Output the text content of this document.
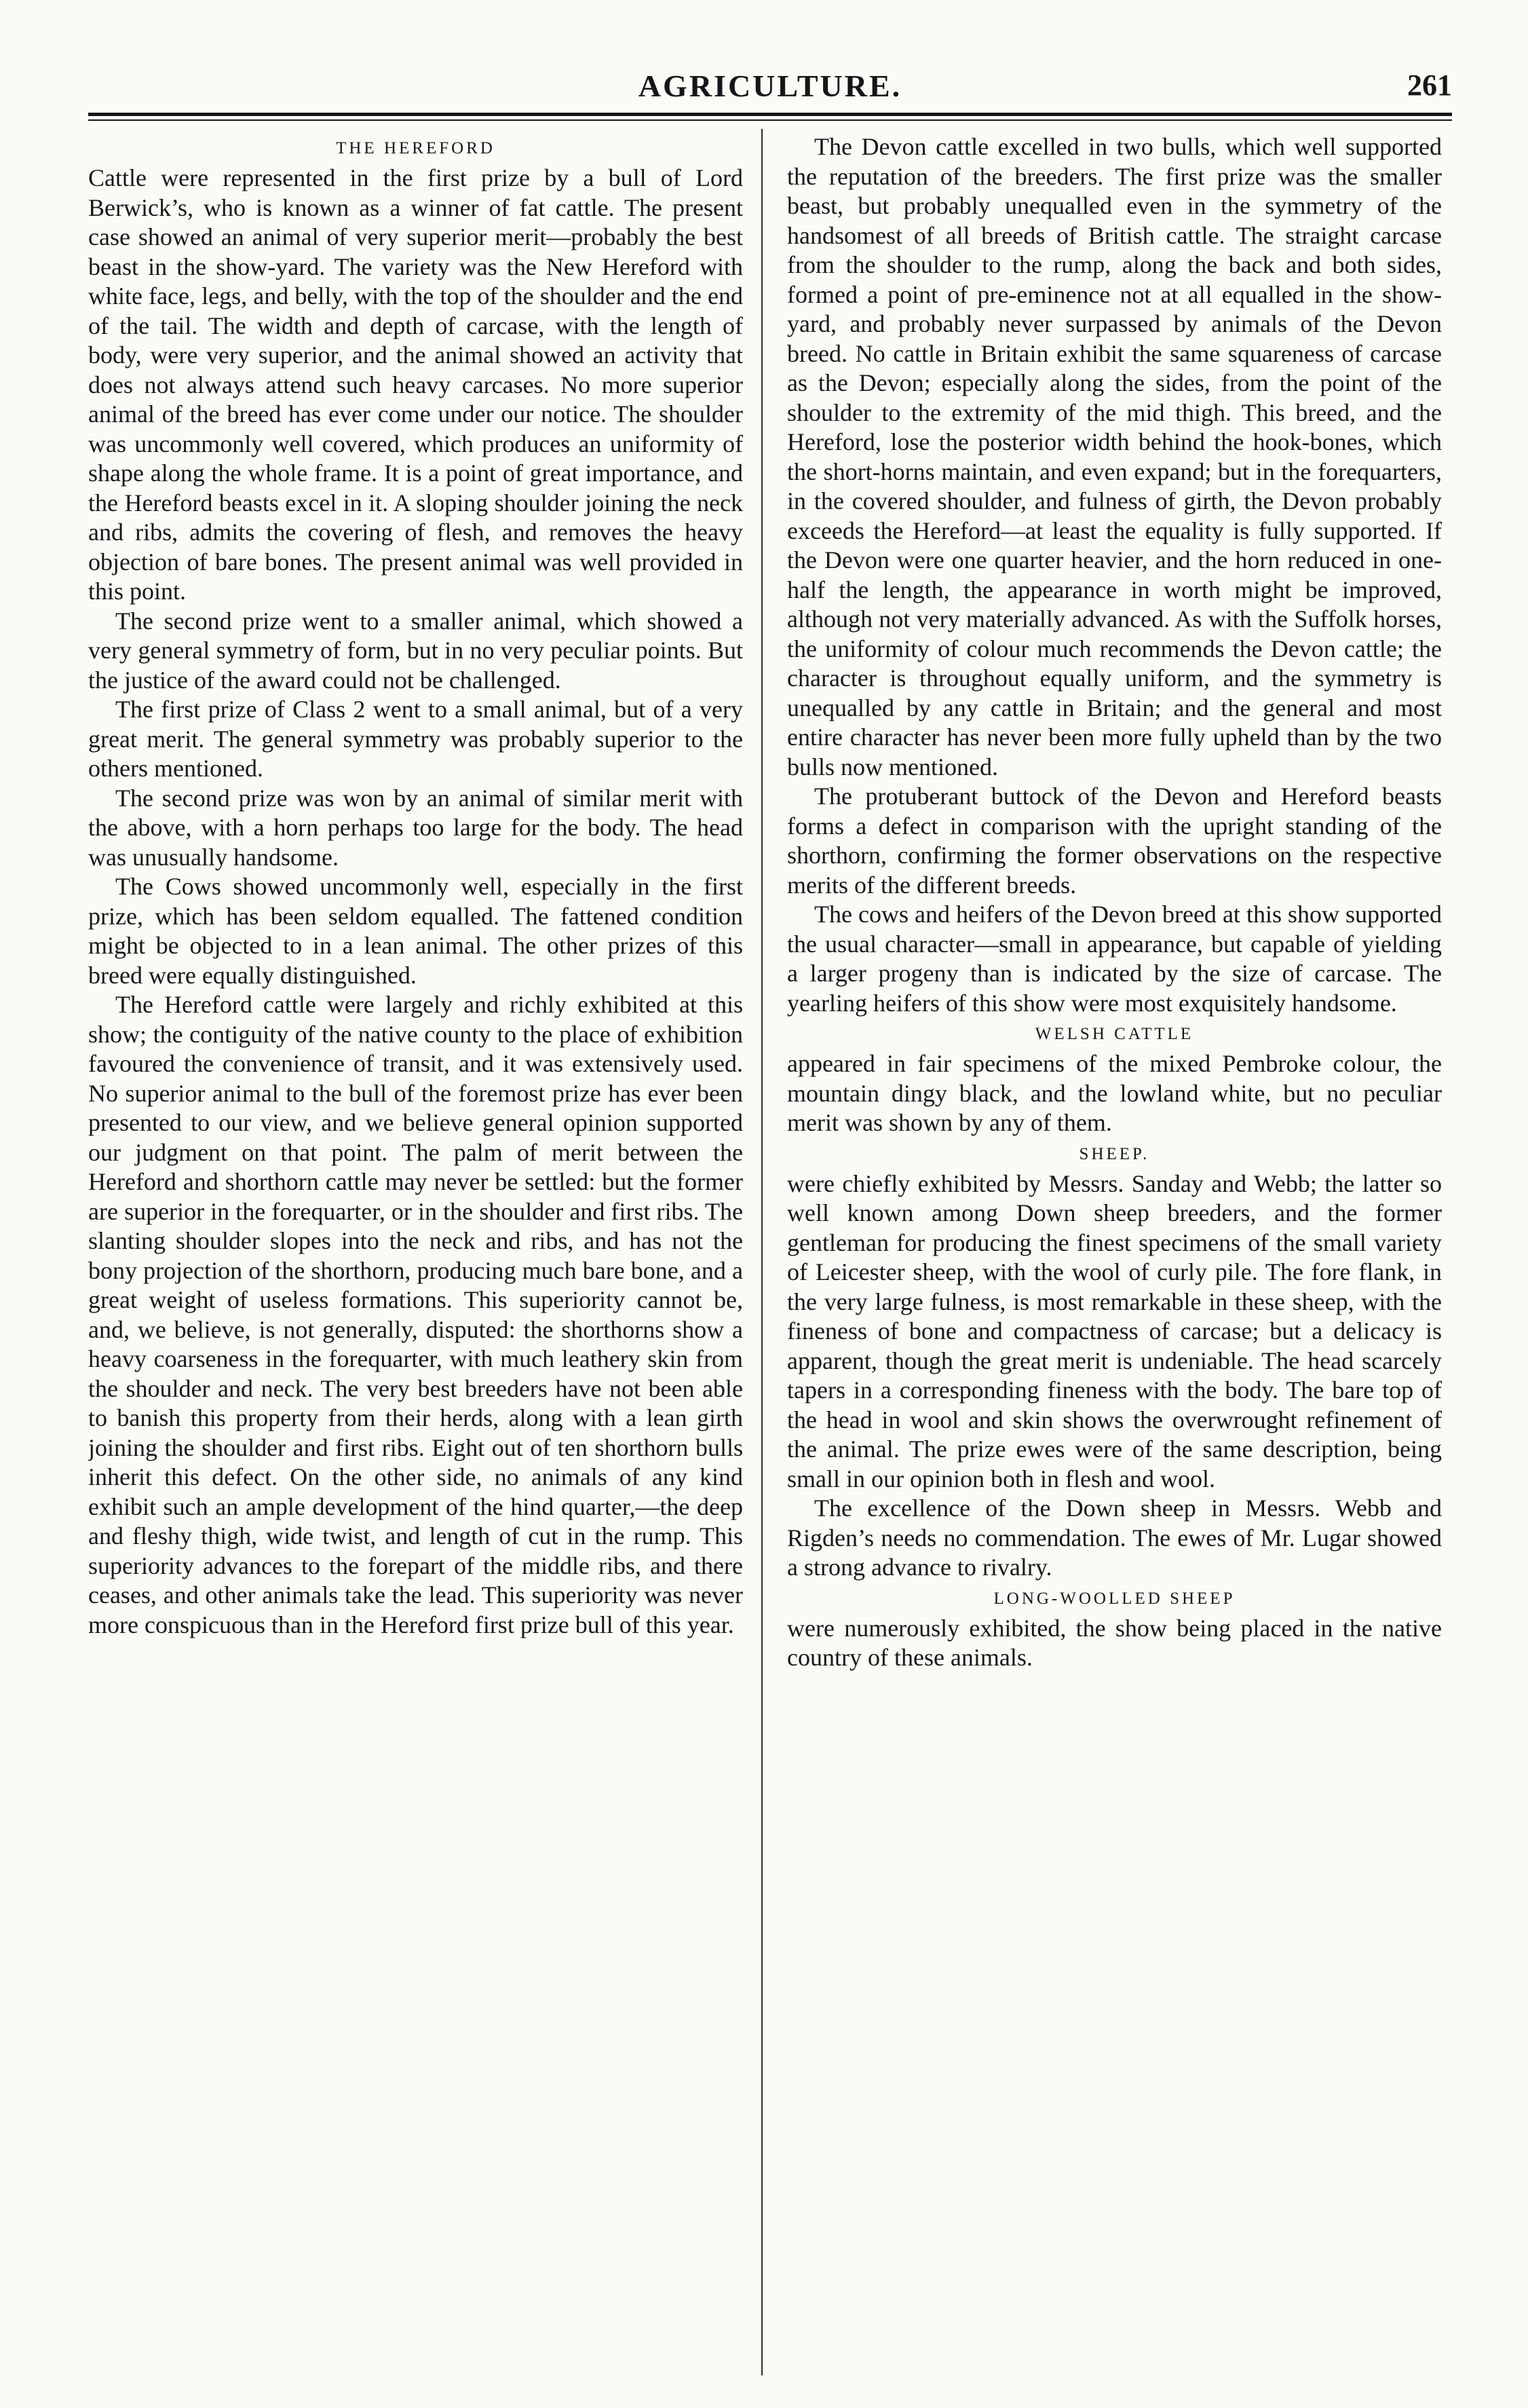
AGRICULTURE.	261
THE HEREFORD

Cattle were represented in the first prize by a bull of Lord Berwick’s, who is known as a winner of fat cattle. The present case showed an animal of very superior merit—probably the best beast in the show-yard. The variety was the New Hereford with white face, legs, and belly, with the top of the shoulder and the end of the tail. The width and depth of carcase, with the length of body, were very superior, and the animal showed an activity that does not always attend such heavy carcases. No more superior animal of the breed has ever come under our notice. The shoulder was uncommonly well covered, which produces an uniformity of shape along the whole frame. It is a point of great importance, and the Hereford beasts excel in it. A sloping shoulder joining the neck and ribs, admits the covering of flesh, and removes the heavy objection of bare bones. The present animal was well provided in this point.

The second prize went to a smaller animal, which showed a very general symmetry of form, but in no very peculiar points. But the justice of the award could not be challenged.

The first prize of Class 2 went to a small animal, but of a very great merit. The general symmetry was probably superior to the others mentioned.

The second prize was won by an animal of similar merit with the above, with a horn perhaps too large for the body. The head was unusually handsome.

The Cows showed uncommonly well, especially in the first prize, which has been seldom equalled. The fattened condition might be objected to in a lean animal. The other prizes of this breed were equally distinguished.

The Hereford cattle were largely and richly exhibited at this show; the contiguity of the native county to the place of exhibition favoured the convenience of transit, and it was extensively used. No superior animal to the bull of the foremost prize has ever been presented to our view, and we believe general opinion supported our judgment on that point. The palm of merit between the Hereford and shorthorn cattle may never be settled: but the former are superior in the forequarter, or in the shoulder and first ribs. The slanting shoulder slopes into the neck and ribs, and has not the bony projection of the shorthorn, producing much bare bone, and a great weight of useless formations. This superiority cannot be, and, we believe, is not generally, disputed: the shorthorns show a heavy coarseness in the forequarter, with much leathery skin from the shoulder and neck. The very best breeders have not been able to banish this property from their herds, along with a lean girth joining the shoulder and first ribs. Eight out of ten shorthorn bulls inherit this defect. On the other side, no animals of any kind exhibit such an ample development of the hind quarter,—the deep and fleshy thigh, wide twist, and length of cut in the rump. This superiority advances to the forepart of the middle ribs, and there ceases, and other animals take the lead. This superiority was never more conspicuous than in the Hereford first prize bull of this year.

The Devon cattle excelled in two bulls, which well supported the reputation of the breeders. The first prize was the smaller beast, but probably unequalled even in the symmetry of the handsomest of all breeds of British cattle. The straight carcase from the shoulder to the rump, along the back and both sides, formed a point of pre-eminence not at all equalled in the show-yard, and probably never surpassed by animals of the Devon breed. No cattle in Britain exhibit the same squareness of carcase as the Devon; especially along the sides, from the point of the shoulder to the extremity of the mid thigh. This breed, and the Hereford, lose the posterior width behind the hook-bones, which the short-horns maintain, and even expand; but in the forequarters, in the covered shoulder, and fulness of girth, the Devon probably exceeds the Hereford—at least the equality is fully supported. If the Devon were one quarter heavier, and the horn reduced in one-half the length, the appearance in worth might be improved, although not very materially advanced. As with the Suffolk horses, the uniformity of colour much recommends the Devon cattle; the character is throughout equally uniform, and the symmetry is unequalled by any cattle in Britain; and the general and most entire character has never been more fully upheld than by the two bulls now mentioned.

The protuberant buttock of the Devon and Hereford beasts forms a defect in comparison with the upright standing of the shorthorn, confirming the former observations on the respective merits of the different breeds.

The cows and heifers of the Devon breed at this show supported the usual character—small in appearance, but capable of yielding a larger progeny than is indicated by the size of carcase. The yearling heifers of this show were most exquisitely handsome.

WELSH CATTLE

appeared in fair specimens of the mixed Pembroke colour, the mountain dingy black, and the lowland white, but no peculiar merit was shown by any of them.

SHEEP.

were chiefly exhibited by Messrs. Sanday and Webb; the latter so well known among Down sheep breeders, and the former gentleman for producing the finest specimens of the small variety of Leicester sheep, with the wool of curly pile. The fore flank, in the very large fulness, is most remarkable in these sheep, with the fineness of bone and compactness of carcase; but a delicacy is apparent, though the great merit is undeniable. The head scarcely tapers in a corresponding fineness with the body. The bare top of the head in wool and skin shows the overwrought refinement of the animal. The prize ewes were of the same description, being small in our opinion both in flesh and wool.

The excellence of the Down sheep in Messrs. Webb and Rigden’s needs no commendation. The ewes of Mr. Lugar showed a strong advance to rivalry.

LONG-WOOLLED SHEEP

were numerously exhibited, the show being placed in the native country of these animals.
